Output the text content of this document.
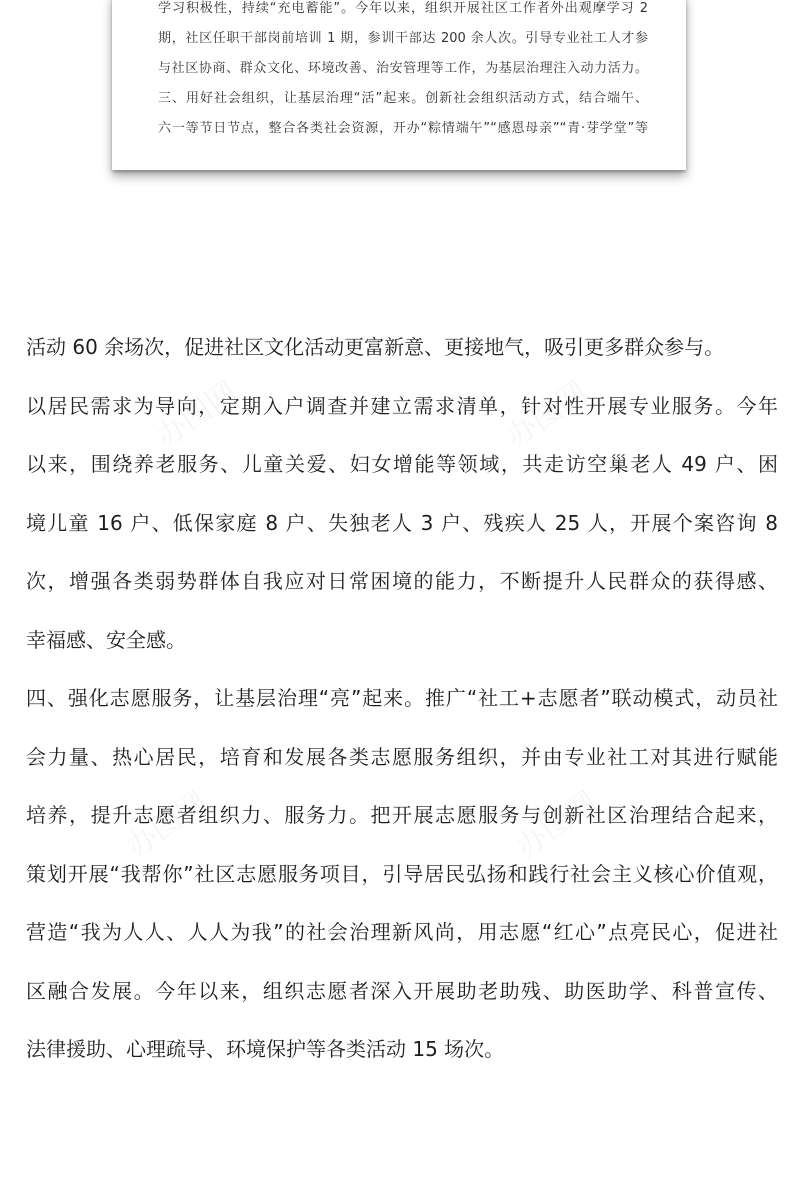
办图网	办图网
办图网	办图网
学习积极性，持续“充电蓄能”。今年以来，组织开展社区工作者外出观摩学习 2
期，社区任职干部岗前培训 1 期，参训干部达 200 余人次。引导专业社工人才参
与社区协商、群众文化、环境改善、治安管理等工作，为基层治理注入动力活力。
三、用好社会组织，让基层治理“活”起来。创新社会组织活动方式，结合端午、
六一等节日节点，整合各类社会资源，开办“粽情端午”“感恩母亲”“青·芽学堂”等
活动 60 余场次，促进社区文化活动更富新意、更接地气，吸引更多群众参与。
以居民需求为导向，定期入户调查并建立需求清单，针对性开展专业服务。今年
以来，围绕养老服务、儿童关爱、妇女增能等领域，共走访空巢老人 49 户、困
境儿童 16 户、低保家庭 8 户、失独老人 3 户、残疾人 25 人，开展个案咨询 8
次，增强各类弱势群体自我应对日常困境的能力，不断提升人民群众的获得感、
幸福感、安全感。
四、强化志愿服务，让基层治理“亮”起来。推广“社工+志愿者”联动模式，动员社
会力量、热心居民，培育和发展各类志愿服务组织，并由专业社工对其进行赋能
培养，提升志愿者组织力、服务力。把开展志愿服务与创新社区治理结合起来，
策划开展“我帮你”社区志愿服务项目，引导居民弘扬和践行社会主义核心价值观，
营造“我为人人、人人为我”的社会治理新风尚，用志愿“红心”点亮民心，促进社
区融合发展。今年以来，组织志愿者深入开展助老助残、助医助学、科普宣传、
法律援助、心理疏导、环境保护等各类活动 15 场次。
